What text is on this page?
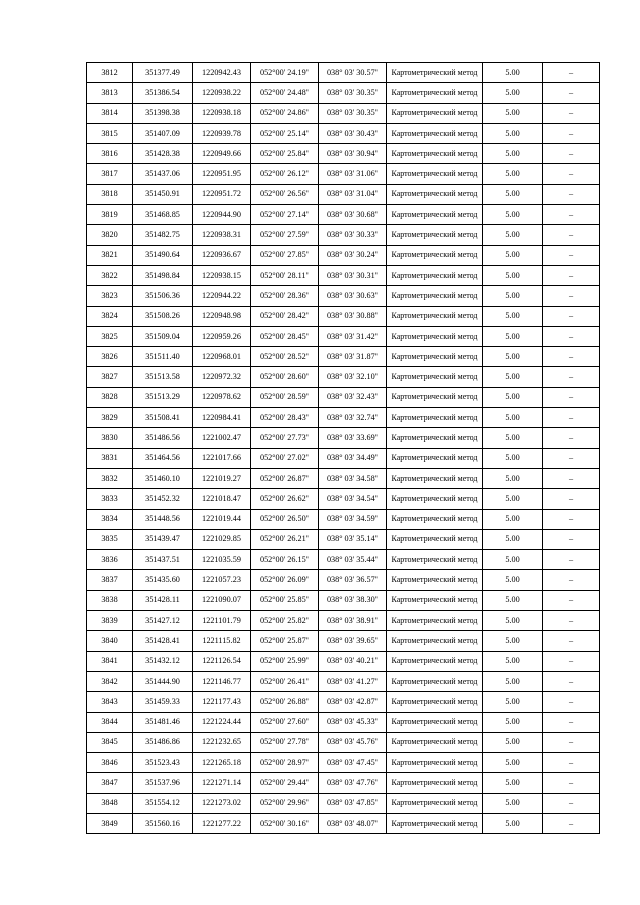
3812	351377.49	1220942.43	052°00' 24.19"	038° 03' 30.57"	Картометрический метод	5.00	–
3813	351386.54	1220938.22	052°00' 24.48"	038° 03' 30.35"	Картометрический метод	5.00	–
3814	351398.38	1220938.18	052°00' 24.86"	038° 03' 30.35"	Картометрический метод	5.00	–
3815	351407.09	1220939.78	052°00' 25.14"	038° 03' 30.43"	Картометрический метод	5.00	–
3816	351428.38	1220949.66	052°00' 25.84"	038° 03' 30.94"	Картометрический метод	5.00	–
3817	351437.06	1220951.95	052°00' 26.12"	038° 03' 31.06"	Картометрический метод	5.00	–
3818	351450.91	1220951.72	052°00' 26.56"	038° 03' 31.04"	Картометрический метод	5.00	–
3819	351468.85	1220944.90	052°00' 27.14"	038° 03' 30.68"	Картометрический метод	5.00	–
3820	351482.75	1220938.31	052°00' 27.59"	038° 03' 30.33"	Картометрический метод	5.00	–
3821	351490.64	1220936.67	052°00' 27.85"	038° 03' 30.24"	Картометрический метод	5.00	–
3822	351498.84	1220938.15	052°00' 28.11"	038° 03' 30.31"	Картометрический метод	5.00	–
3823	351506.36	1220944.22	052°00' 28.36"	038° 03' 30.63"	Картометрический метод	5.00	–
3824	351508.26	1220948.98	052°00' 28.42"	038° 03' 30.88"	Картометрический метод	5.00	–
3825	351509.04	1220959.26	052°00' 28.45"	038° 03' 31.42"	Картометрический метод	5.00	–
3826	351511.40	1220968.01	052°00' 28.52"	038° 03' 31.87"	Картометрический метод	5.00	–
3827	351513.58	1220972.32	052°00' 28.60"	038° 03' 32.10"	Картометрический метод	5.00	–
3828	351513.29	1220978.62	052°00' 28.59"	038° 03' 32.43"	Картометрический метод	5.00	–
3829	351508.41	1220984.41	052°00' 28.43"	038° 03' 32.74"	Картометрический метод	5.00	–
3830	351486.56	1221002.47	052°00' 27.73"	038° 03' 33.69"	Картометрический метод	5.00	–
3831	351464.56	1221017.66	052°00' 27.02"	038° 03' 34.49"	Картометрический метод	5.00	–
3832	351460.10	1221019.27	052°00' 26.87"	038° 03' 34.58"	Картометрический метод	5.00	–
3833	351452.32	1221018.47	052°00' 26.62"	038° 03' 34.54"	Картометрический метод	5.00	–
3834	351448.56	1221019.44	052°00' 26.50"	038° 03' 34.59"	Картометрический метод	5.00	–
3835	351439.47	1221029.85	052°00' 26.21"	038° 03' 35.14"	Картометрический метод	5.00	–
3836	351437.51	1221035.59	052°00' 26.15"	038° 03' 35.44"	Картометрический метод	5.00	–
3837	351435.60	1221057.23	052°00' 26.09"	038° 03' 36.57"	Картометрический метод	5.00	–
3838	351428.11	1221090.07	052°00' 25.85"	038° 03' 38.30"	Картометрический метод	5.00	–
3839	351427.12	1221101.79	052°00' 25.82"	038° 03' 38.91"	Картометрический метод	5.00	–
3840	351428.41	1221115.82	052°00' 25.87"	038° 03' 39.65"	Картометрический метод	5.00	–
3841	351432.12	1221126.54	052°00' 25.99"	038° 03' 40.21"	Картометрический метод	5.00	–
3842	351444.90	1221146.77	052°00' 26.41"	038° 03' 41.27"	Картометрический метод	5.00	–
3843	351459.33	1221177.43	052°00' 26.88"	038° 03' 42.87"	Картометрический метод	5.00	–
3844	351481.46	1221224.44	052°00' 27.60"	038° 03' 45.33"	Картометрический метод	5.00	–
3845	351486.86	1221232.65	052°00' 27.78"	038° 03' 45.76"	Картометрический метод	5.00	–
3846	351523.43	1221265.18	052°00' 28.97"	038° 03' 47.45"	Картометрический метод	5.00	–
3847	351537.96	1221271.14	052°00' 29.44"	038° 03' 47.76"	Картометрический метод	5.00	–
3848	351554.12	1221273.02	052°00' 29.96"	038° 03' 47.85"	Картометрический метод	5.00	–
3849	351560.16	1221277.22	052°00' 30.16"	038° 03' 48.07"	Картометрический метод	5.00	–
